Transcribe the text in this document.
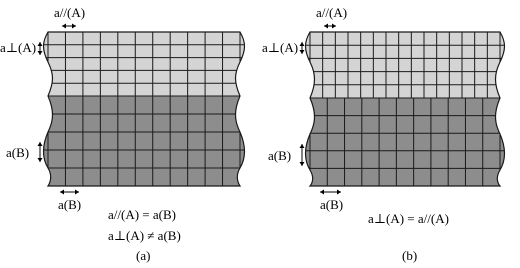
a//(A)
a⊥(A)
a(B)
a(B)
a//(A) = a(B)
a⊥(A) ≠ a(B)
(a)
a//(A)
a⊥(A)
a(B)
a(B)
a⊥(A) = a//(A)
(b)
